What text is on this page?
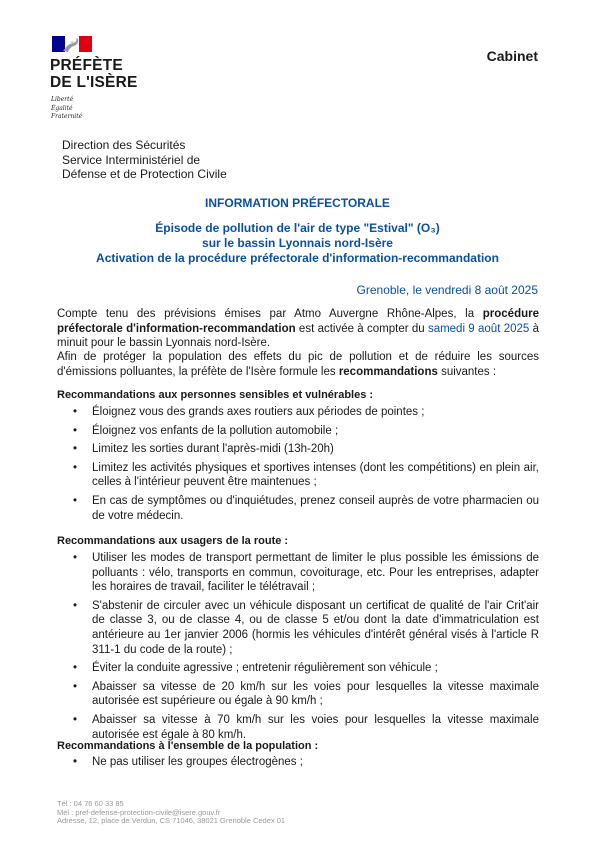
PRÉFÈTE
DE L'ISÈRE
Liberté
Égalité
Fraternité
Cabinet
Direction des Sécurités
Service Interministériel de
Défense et de Protection Civile
INFORMATION PRÉFECTORALE
Épisode de pollution de l'air de type "Estival" (O₃)
sur le bassin Lyonnais nord-Isère
Activation de la procédure préfectorale d'information-recommandation
Grenoble, le vendredi 8 août 2025
Compte tenu des prévisions émises par Atmo Auvergne Rhône-Alpes, la procédure préfectorale d'information-recommandation est activée à compter du samedi 9 août 2025 à minuit pour le bassin Lyonnais nord-Isère.
Afin de protéger la population des effets du pic de pollution et de réduire les sources d'émissions polluantes, la préfète de l'Isère formule les recommandations suivantes :
Recommandations aux personnes sensibles et vulnérables :
• Éloignez vous des grands axes routiers aux périodes de pointes ;
• Éloignez vos enfants de la pollution automobile ;
• Limitez les sorties durant l'après-midi (13h-20h)
• Limitez les activités physiques et sportives intenses (dont les compétitions) en plein air, celles à l'intérieur peuvent être maintenues ;
• En cas de symptômes ou d'inquiétudes, prenez conseil auprès de votre pharmacien ou de votre médecin.
Recommandations aux usagers de la route :
• Utiliser les modes de transport permettant de limiter le plus possible les émissions de polluants : vélo, transports en commun, covoiturage, etc. Pour les entreprises, adapter les horaires de travail, faciliter le télétravail ;
• S'abstenir de circuler avec un véhicule disposant un certificat de qualité de l'air Crit'air de classe 3, ou de classe 4, ou de classe 5 et/ou dont la date d'immatriculation est antérieure au 1er janvier 2006 (hormis les véhicules d'intérêt général visés à l'article R 311-1 du code de la route) ;
• Éviter la conduite agressive ; entretenir régulièrement son véhicule ;
• Abaisser sa vitesse de 20 km/h sur les voies pour lesquelles la vitesse maximale autorisée est supérieure ou égale à 90 km/h ;
• Abaisser sa vitesse à 70 km/h sur les voies pour lesquelles la vitesse maximale autorisée est égale à 80 km/h.
Recommandations à l'ensemble de la population :
• Ne pas utiliser les groupes électrogènes ;
Tél : 04 76 60 33 85
Mél : pref-defense-protection-civile@isere.gouv.fr
Adresse, 12, place de Verdun, CS 71046, 38021 Grenoble Cedex 01
